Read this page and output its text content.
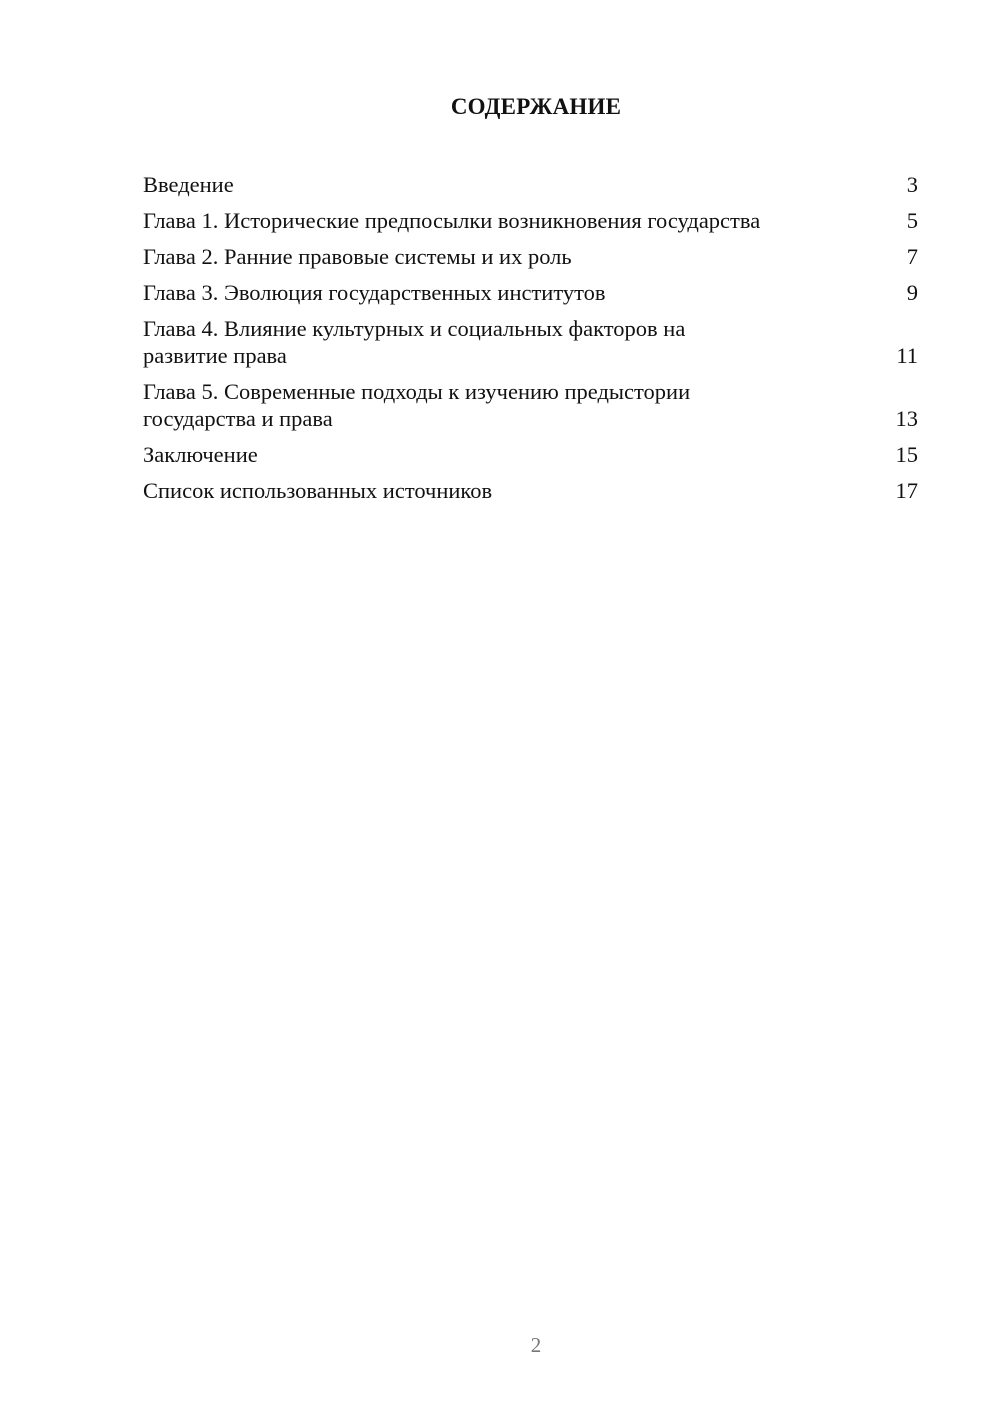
СОДЕРЖАНИЕ
Введение	3
Глава 1. Исторические предпосылки возникновения государства	5
Глава 2. Ранние правовые системы и их роль	7
Глава 3. Эволюция государственных институтов	9
Глава 4. Влияние культурных и социальных факторов на развитие права	11
Глава 5. Современные подходы к изучению предыстории государства и права	13
Заключение	15
Список использованных источников	17
2
